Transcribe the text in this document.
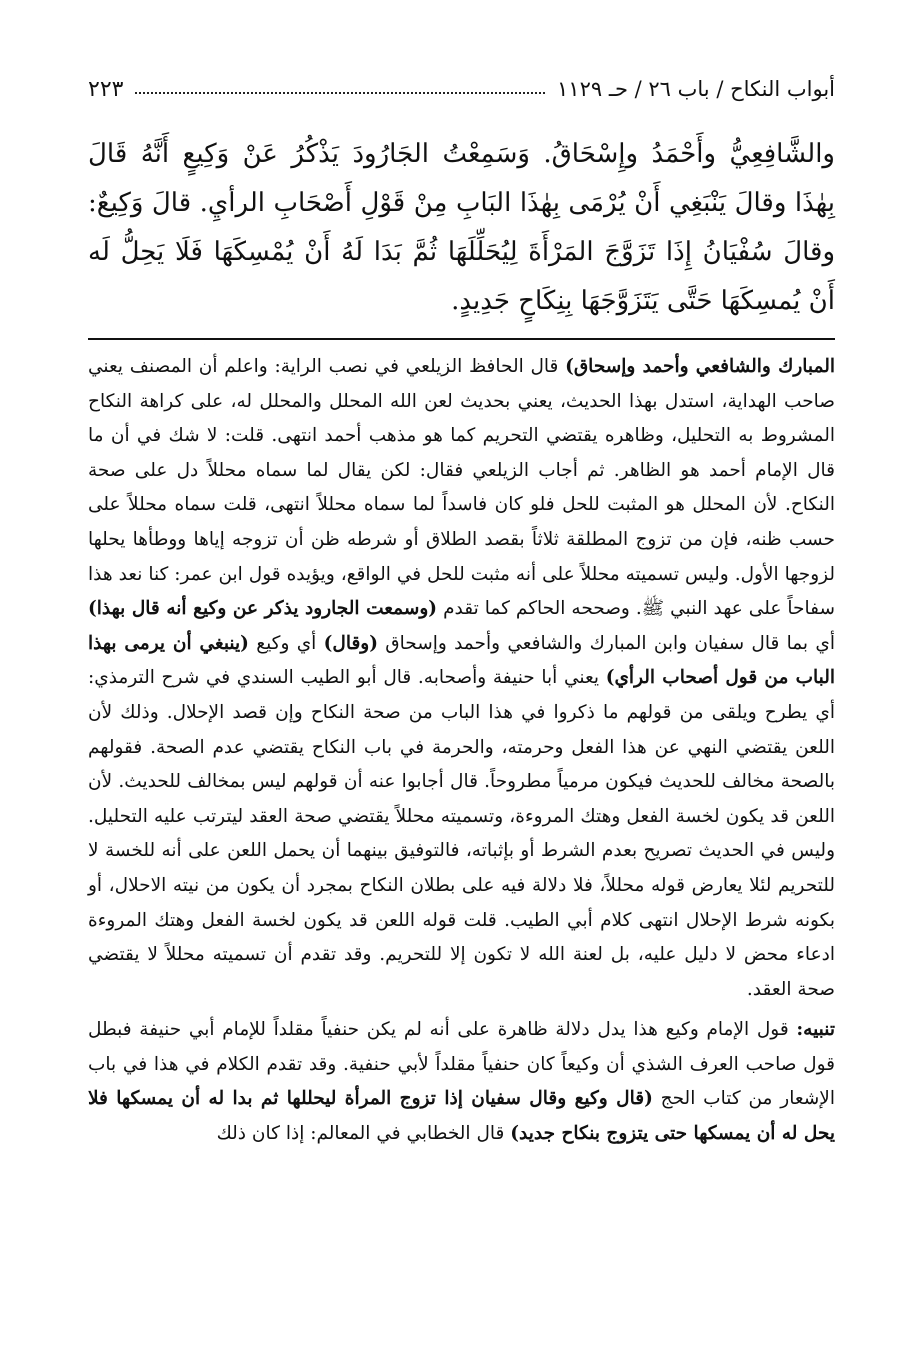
أبواب النكاح / باب ٢٦ / حـ ١١٢٩
٢٢٣

والشَّافِعِيُّ وأَحْمَدُ وإِسْحَاقُ. وَسَمِعْتُ الجَارُودَ يَذْكُرُ عَنْ وَكِيعٍ أَنَّهُ قَالَ بِهٰذَا وقالَ يَنْبَغِي أَنْ يُرْمَى بِهٰذَا البَابِ مِنْ قَوْلِ أَصْحَابِ الرأيِ. قالَ وَكِيعٌ: وقالَ سُفْيَانُ إِذَا تَزَوَّجَ المَرْأَةَ لِيُحَلِّلَهَا ثُمَّ بَدَا لَهُ أَنْ يُمْسِكَهَا فَلَا يَحِلُّ لَه أَنْ يُمسِكَهَا حَتَّى يَتَزَوَّجَهَا بِنِكَاحٍ جَدِيدٍ.

المبارك والشافعي وأحمد وإسحاق) قال الحافظ الزيلعي في نصب الراية: واعلم أن المصنف يعني صاحب الهداية، استدل بهذا الحديث، يعني بحديث لعن الله المحلل والمحلل له، على كراهة النكاح المشروط به التحليل، وظاهره يقتضي التحريم كما هو مذهب أحمد انتهى. قلت: لا شك في أن ما قال الإمام أحمد هو الظاهر. ثم أجاب الزيلعي فقال: لكن يقال لما سماه محللاً دل على صحة النكاح. لأن المحلل هو المثبت للحل فلو كان فاسداً لما سماه محللاً انتهى، قلت سماه محللاً على حسب ظنه، فإن من تزوج المطلقة ثلاثاً بقصد الطلاق أو شرطه ظن أن تزوجه إياها ووطأها يحلها لزوجها الأول. وليس تسميته محللاً على أنه مثبت للحل في الواقع، ويؤيده قول ابن عمر: كنا نعد هذا سفاحاً على عهد النبي ﷺ. وصححه الحاكم كما تقدم (وسمعت الجارود يذكر عن وكيع أنه قال بهذا) أي بما قال سفيان وابن المبارك والشافعي وأحمد وإسحاق (وقال) أي وكيع (ينبغي أن يرمى بهذا الباب من قول أصحاب الرأي) يعني أبا حنيفة وأصحابه. قال أبو الطيب السندي في شرح الترمذي: أي يطرح ويلقى من قولهم ما ذكروا في هذا الباب من صحة النكاح وإن قصد الإحلال. وذلك لأن اللعن يقتضي النهي عن هذا الفعل وحرمته، والحرمة في باب النكاح يقتضي عدم الصحة. فقولهم بالصحة مخالف للحديث فيكون مرمياً مطروحاً. قال أجابوا عنه أن قولهم ليس بمخالف للحديث. لأن اللعن قد يكون لخسة الفعل وهتك المروءة، وتسميته محللاً يقتضي صحة العقد ليترتب عليه التحليل. وليس في الحديث تصريح بعدم الشرط أو بإثباته، فالتوفيق بينهما أن يحمل اللعن على أنه للخسة لا للتحريم لئلا يعارض قوله محللاً، فلا دلالة فيه على بطلان النكاح بمجرد أن يكون من نيته الاحلال، أو بكونه شرط الإحلال انتهى كلام أبي الطيب. قلت قوله اللعن قد يكون لخسة الفعل وهتك المروءة ادعاء محض لا دليل عليه، بل لعنة الله لا تكون إلا للتحريم. وقد تقدم أن تسميته محللاً لا يقتضي صحة العقد.

تنبيه: قول الإمام وكيع هذا يدل دلالة ظاهرة على أنه لم يكن حنفياً مقلداً للإمام أبي حنيفة فبطل قول صاحب العرف الشذي أن وكيعاً كان حنفياً مقلداً لأبي حنفية. وقد تقدم الكلام في هذا في باب الإشعار من كتاب الحج (قال وكيع وقال سفيان إذا تزوج المرأة ليحللها ثم بدا له أن يمسكها فلا يحل له أن يمسكها حتى يتزوج بنكاح جديد) قال الخطابي في المعالم: إذا كان ذلك
